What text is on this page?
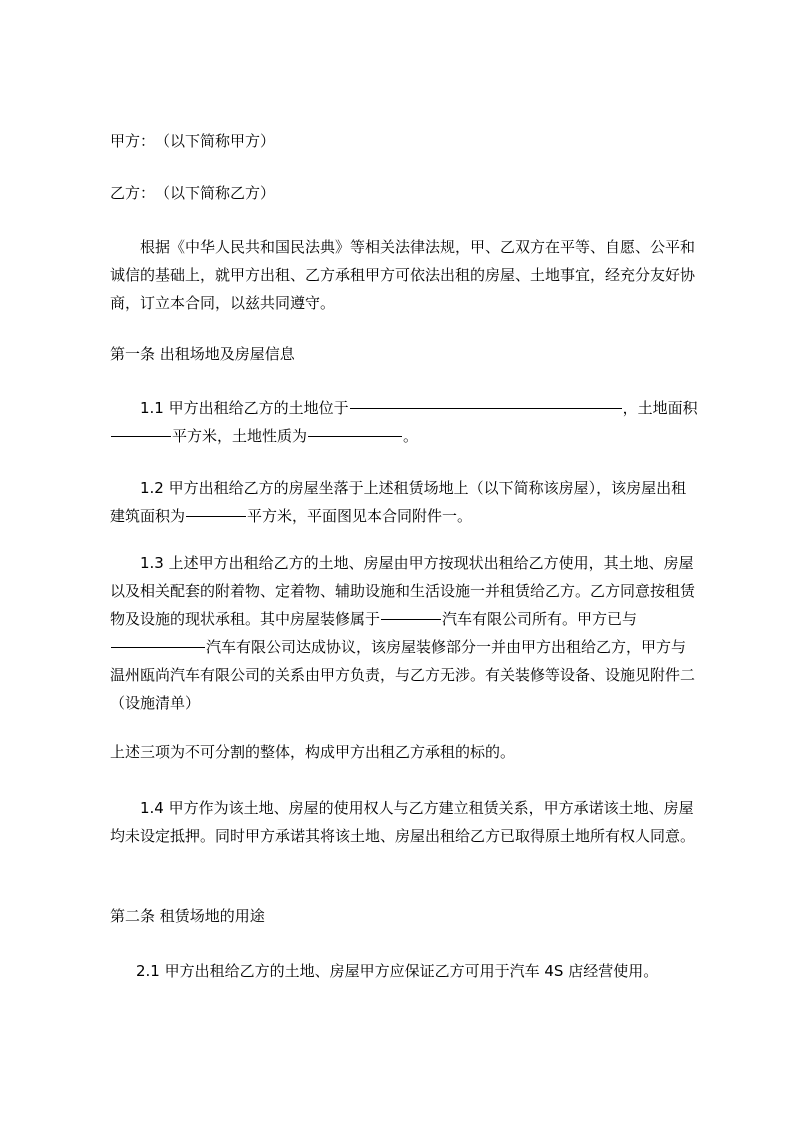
甲方：　（以下简称甲方）

乙方：　（以下简称乙方）

根据《中华人民共和国民法典》等相关法律法规，甲、乙双方在平等、自愿、公平和诚信的基础上，就甲方出租、乙方承租甲方可依法出租的房屋、土地事宜，经充分友好协商，订立本合同，以兹共同遵守。

第一条 出租场地及房屋信息

1.1 甲方出租给乙方的土地位于	，土地面积平方米，土地性质为	。

1.2 甲方出租给乙方的房屋坐落于上述租赁场地上（以下简称该房屋），该房屋出租建筑面积为	平方米，平面图见本合同附件一。

1.3 上述甲方出租给乙方的土地、房屋由甲方按现状出租给乙方使用，其土地、房屋以及相关配套的附着物、定着物、辅助设施和生活设施一并租赁给乙方。乙方同意按租赁物及设施的现状承租。其中房屋装修属于	汽车有限公司所有。甲方已与汽车有限公司达成协议，该房屋装修部分一并由甲方出租给乙方，甲方与温州瓯尚汽车有限公司的关系由甲方负责，与乙方无涉。有关装修等设备、设施见附件二（设施清单）

上述三项为不可分割的整体，构成甲方出租乙方承租的标的。

1.4 甲方作为该土地、房屋的使用权人与乙方建立租赁关系，甲方承诺该土地、房屋均未设定抵押。同时甲方承诺其将该土地、房屋出租给乙方已取得原土地所有权人同意。

第二条 租赁场地的用途

2.1 甲方出租给乙方的土地、房屋甲方应保证乙方可用于汽车 4S 店经营使用。
